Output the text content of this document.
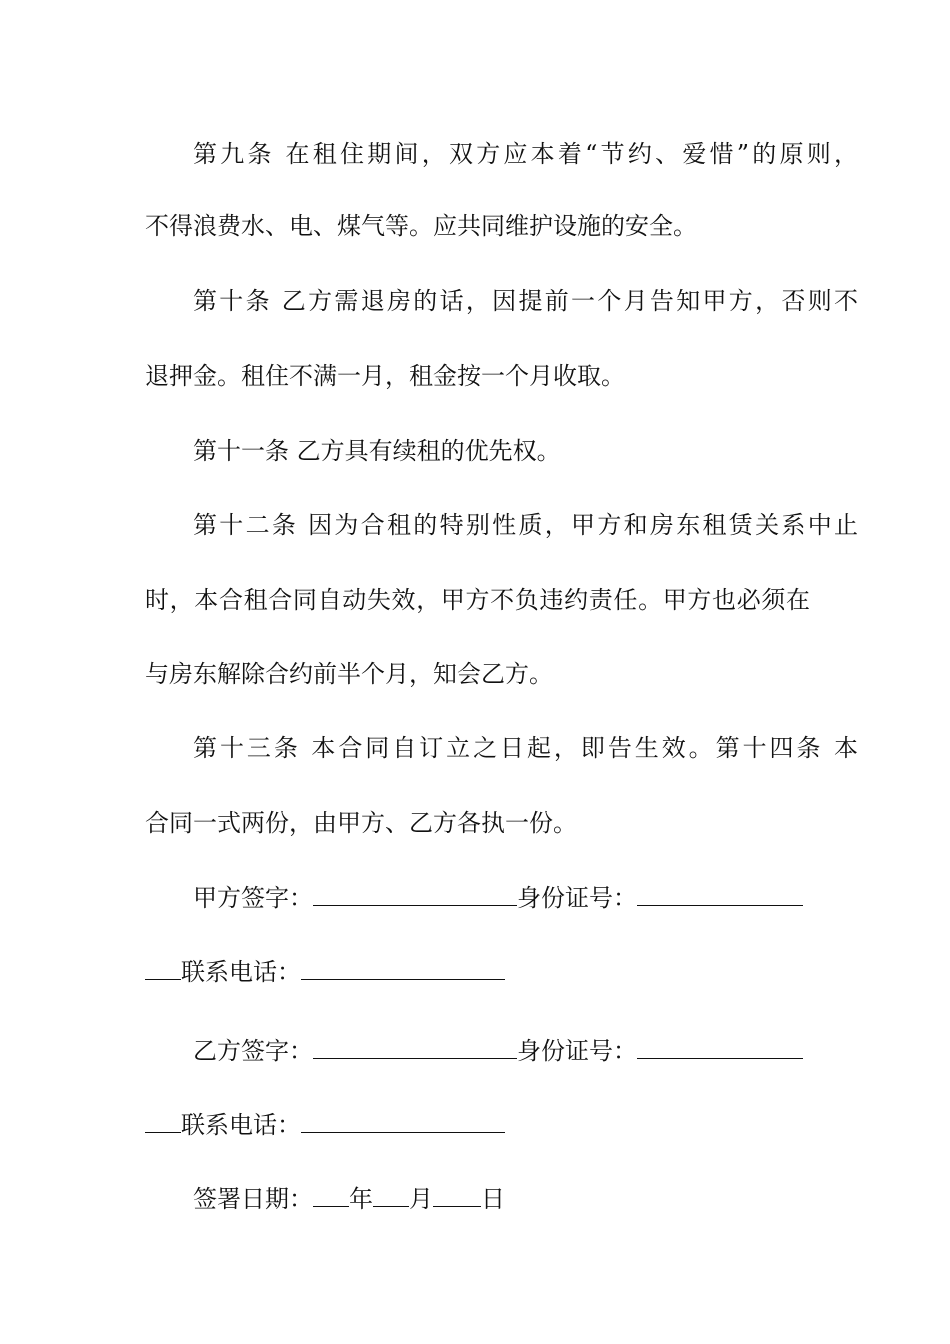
第九条 在租住期间，双方应本着“节约、爱惜”的原则，
不得浪费水、电、煤气等。应共同维护设施的安全。
第十条 乙方需退房的话，因提前一个月告知甲方，否则不
退押金。租住不满一月，租金按一个月收取。
第十一条 乙方具有续租的优先权。
第十二条 因为合租的特别性质，甲方和房东租赁关系中止
时，本合租合同自动失效，甲方不负违约责任。甲方也必须在
与房东解除合约前半个月，知会乙方。
第十三条 本合同自订立之日起，即告生效。第十四条 本
合同一式两份，由甲方、乙方各执一份。
甲方签字：	身份证号：
联系电话：
乙方签字：	身份证号：
联系电话：
签署日期： 年 月 日
